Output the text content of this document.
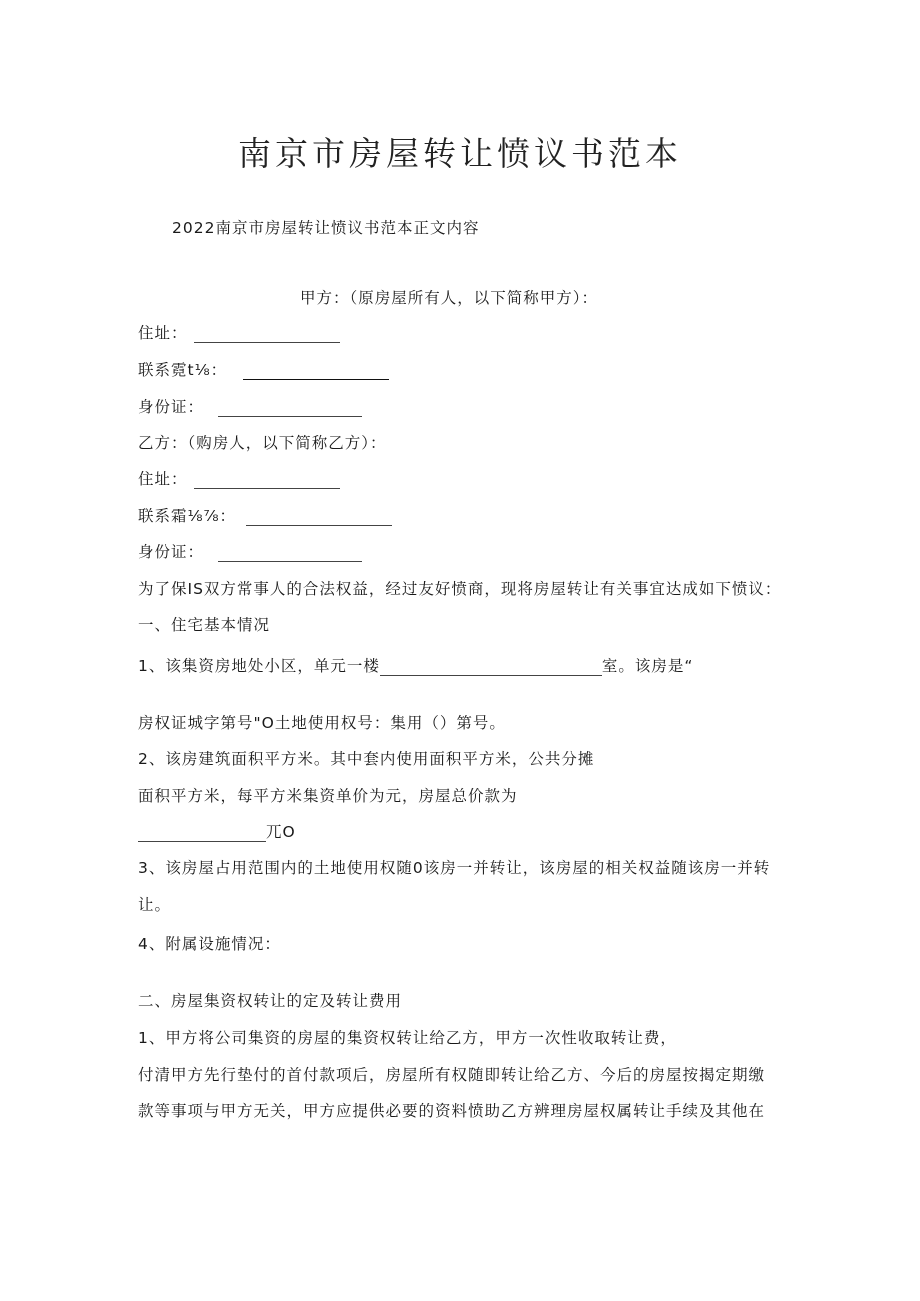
南京市房屋转让愤议书范本
2022南京市房屋转让愤议书范本正文内容
甲方：（原房屋所有人，以下简称甲方）：
住址：
联系霓t⅛：
身份证：
乙方：（购房人，以下简称乙方）：
住址：
联系霜⅛⅞：
身份证：
为了保IS双方常事人的合法权益，经过友好愤商，现将房屋转让有关事宜达成如下愤议：
一、住宅基本情况
1、该集资房地处小区，单元一楼	室。该房是“
房权证城字第号"O土地使用权号：集用（）第号。
2、该房建筑面积平方米。其中套内使用面积平方米，公共分摊
面积平方米，每平方米集资单价为元，房屋总价款为
兀O
3、该房屋占用范围内的土地使用权随0该房一并转让，该房屋的相关权益随该房一并转
让。
4、附属设施情况：
二、房屋集资权转让的定及转让费用
1、甲方将公司集资的房屋的集资权转让给乙方，甲方一次性收取转让费，
付清甲方先行垫付的首付款项后，房屋所有权随即转让给乙方、今后的房屋按揭定期缴
款等事项与甲方无关，甲方应提供必要的资料愤助乙方辨理房屋权属转让手续及其他在
